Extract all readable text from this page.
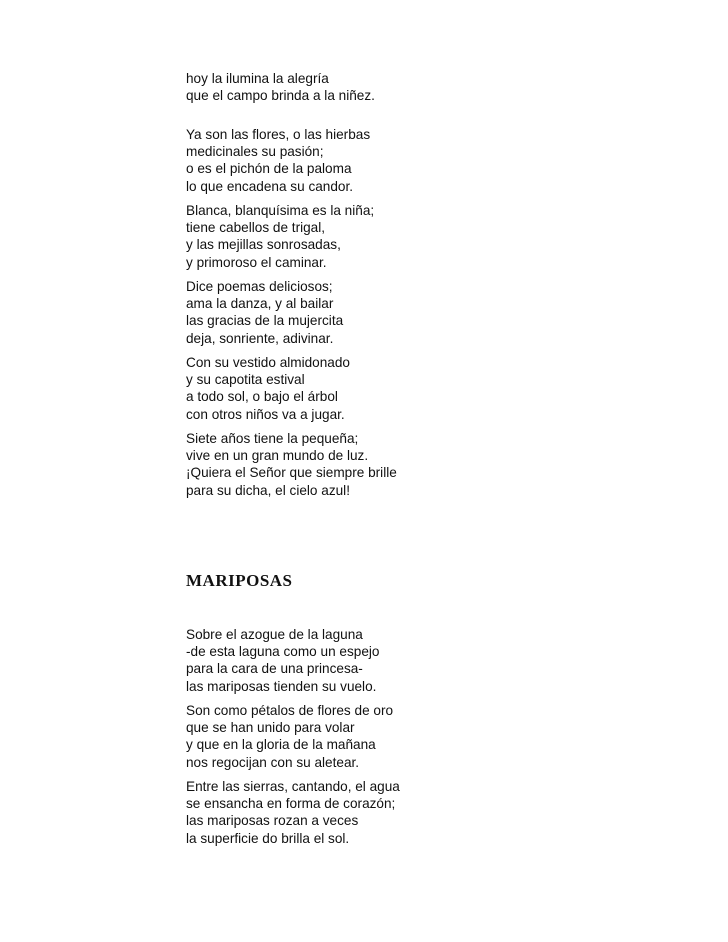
hoy la ilumina la alegría
que el campo brinda a la niñez.

Ya son las flores, o las hierbas
medicinales su pasión;
o es el pichón de la paloma
lo que encadena su candor.

Blanca, blanquísima es la niña;
tiene cabellos de trigal,
y las mejillas sonrosadas,
y primoroso el caminar.

Dice poemas deliciosos;
ama la danza, y al bailar
las gracias de la mujercita
deja, sonriente, adivinar.

Con su vestido almidonado
y su capotita estival
a todo sol, o bajo el árbol
con otros niños va a jugar.

Siete años tiene la pequeña;
vive en un gran mundo de luz.
¡Quiera el Señor que siempre brille
para su dicha, el cielo azul!

MARIPOSAS

Sobre el azogue de la laguna
-de esta laguna como un espejo
para la cara de una princesa-
las mariposas tienden su vuelo.

Son como pétalos de flores de oro
que se han unido para volar
y que en la gloria de la mañana
nos regocijan con su aletear.

Entre las sierras, cantando, el agua
se ensancha en forma de corazón;
las mariposas rozan a veces
la superficie do brilla el sol.
